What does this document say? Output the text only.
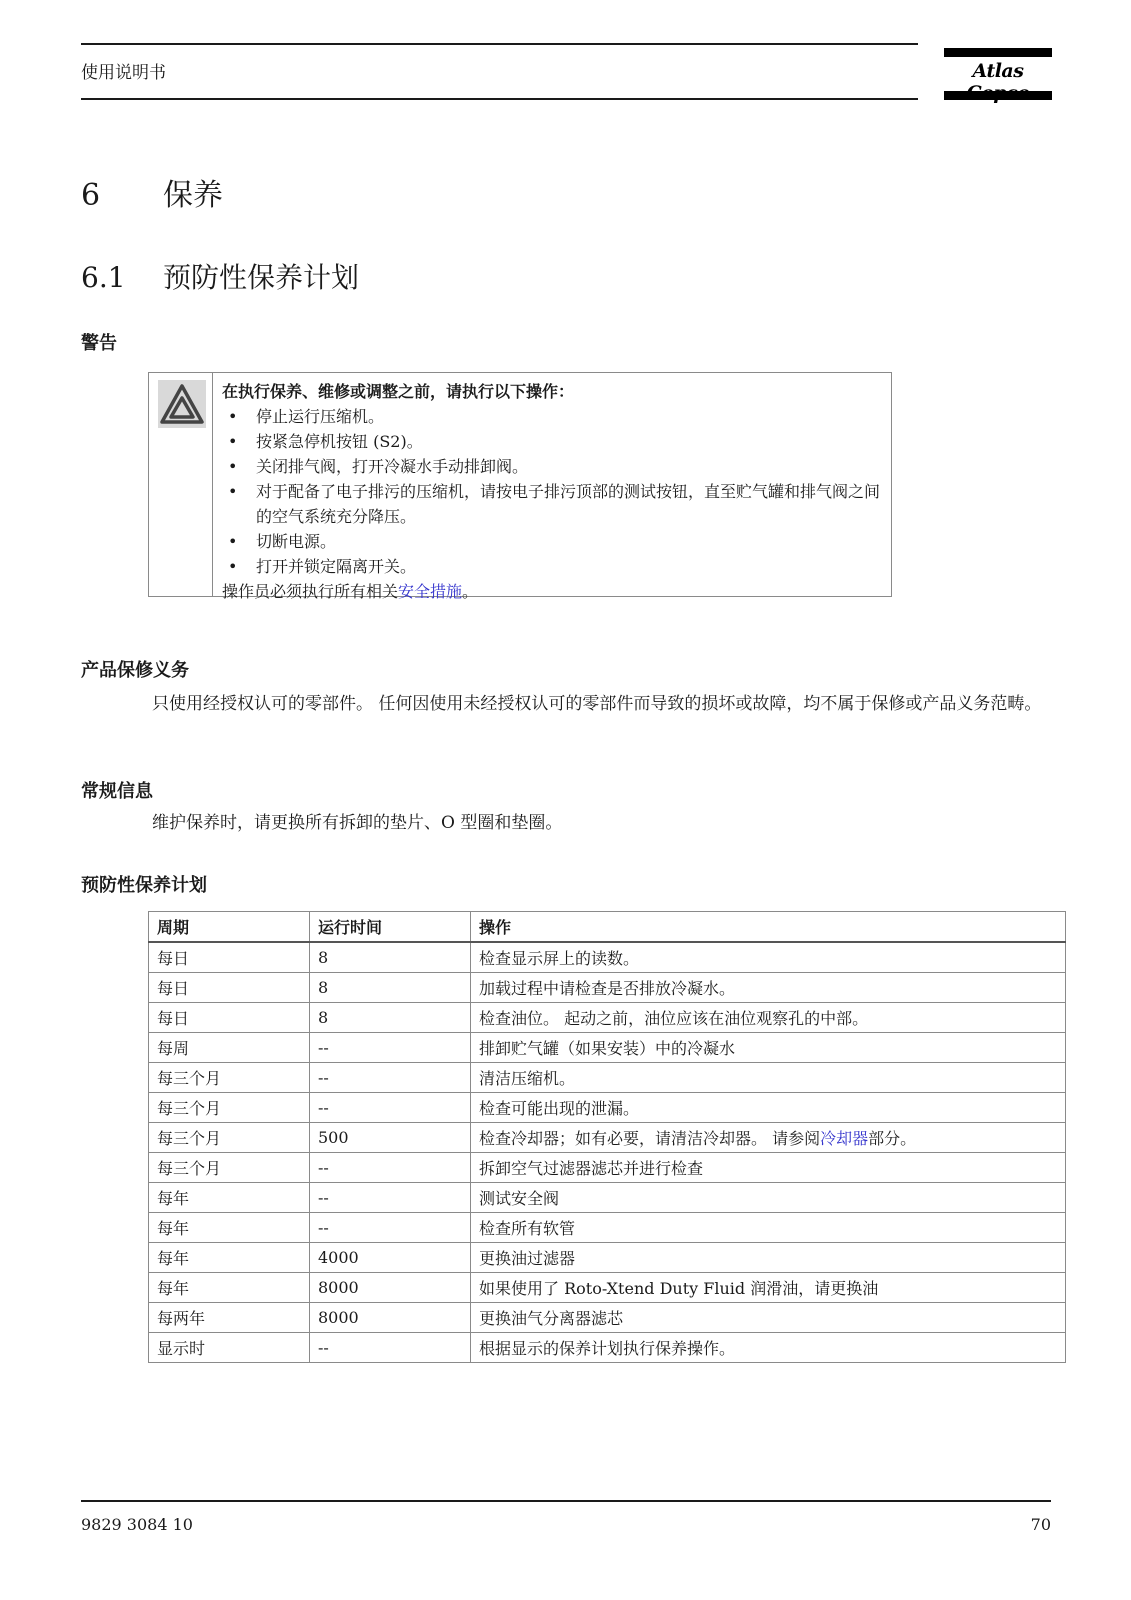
使用说明书	Atlas
6 保养
6.1 预防性保养计划
警告
在执行保养、维修或调整之前，请执行以下操作：
• 停止运行压缩机。
• 按紧急停机按钮 (S2)。
• 关闭排气阀，打开冷凝水手动排卸阀。
• 对于配备了电子排污的压缩机，请按电子排污顶部的测试按钮，直至贮气罐和排气阀之间的空气系统充分降压。
• 切断电源。
• 打开并锁定隔离开关。
操作员必须执行所有相关安全措施。
产品保修义务
只使用经授权认可的零部件。 任何因使用未经授权认可的零部件而导致的损坏或故障，均不属于保修或产品义务范畴。
常规信息
维护保养时，请更换所有拆卸的垫片、O 型圈和垫圈。
预防性保养计划
周期	运行时间	操作
每日	8	检查显示屏上的读数。
每日	8	加载过程中请检查是否排放冷凝水。
每日	8	检查油位。 起动之前，油位应该在油位观察孔的中部。
每周	--	排卸贮气罐（如果安装）中的冷凝水
每三个月	--	清洁压缩机。
每三个月	--	检查可能出现的泄漏。
每三个月	500	检查冷却器；如有必要，请清洁冷却器。 请参阅冷却器部分。
每三个月	--	拆卸空气过滤器滤芯并进行检查
每年	--	测试安全阀
每年	--	检查所有软管
每年	4000	更换油过滤器
每年	8000	如果使用了 Roto-Xtend Duty Fluid 润滑油，请更换油
每两年	8000	更换油气分离器滤芯
显示时	--	根据显示的保养计划执行保养操作。
9829 3084 10	70
